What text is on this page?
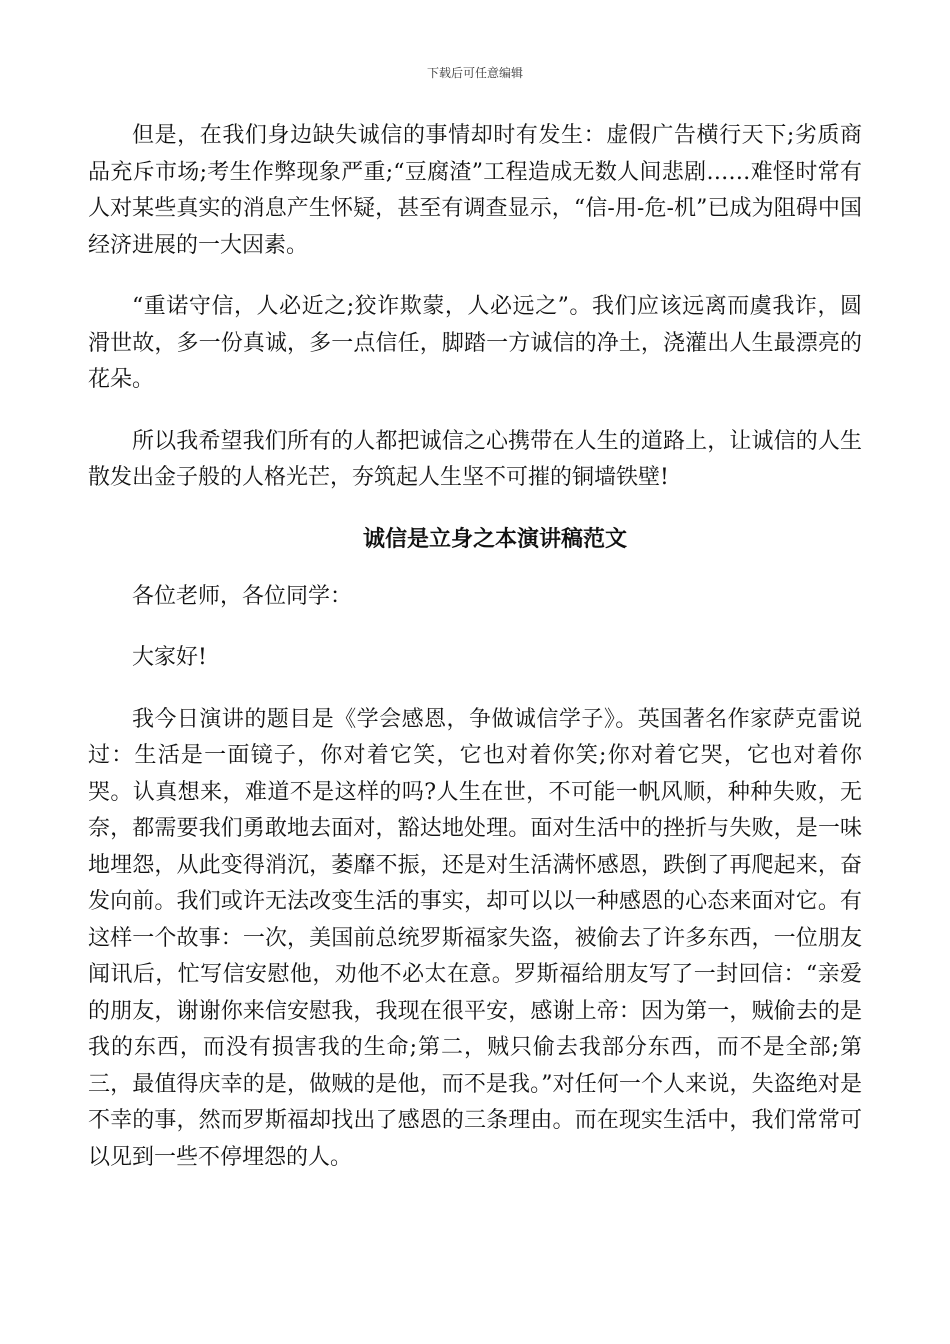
下载后可任意编辑

但是，在我们身边缺失诚信的事情却时有发生：虚假广告横行天下;劣质商品充斥市场;考生作弊现象严重;“豆腐渣”工程造成无数人间悲剧……难怪时常有人对某些真实的消息产生怀疑，甚至有调查显示，“信-用-危-机”已成为阻碍中国经济进展的一大因素。

“重诺守信，人必近之;狡诈欺蒙，人必远之”。我们应该远离而虞我诈，圆滑世故，多一份真诚，多一点信任，脚踏一方诚信的净土，浇灌出人生最漂亮的花朵。

所以我希望我们所有的人都把诚信之心携带在人生的道路上，让诚信的人生散发出金子般的人格光芒，夯筑起人生坚不可摧的铜墙铁壁!

诚信是立身之本演讲稿范文

各位老师，各位同学：

大家好!

我今日演讲的题目是《学会感恩，争做诚信学子》。英国著名作家萨克雷说过：生活是一面镜子，你对着它笑，它也对着你笑;你对着它哭，它也对着你哭。认真想来，难道不是这样的吗?人生在世，不可能一帆风顺，种种失败，无奈，都需要我们勇敢地去面对，豁达地处理。面对生活中的挫折与失败，是一味地埋怨，从此变得消沉，萎靡不振，还是对生活满怀感恩，跌倒了再爬起来，奋发向前。我们或许无法改变生活的事实，却可以以一种感恩的心态来面对它。有这样一个故事：一次，美国前总统罗斯福家失盗，被偷去了许多东西，一位朋友闻讯后，忙写信安慰他，劝他不必太在意。罗斯福给朋友写了一封回信：“亲爱的朋友，谢谢你来信安慰我，我现在很平安，感谢上帝：因为第一，贼偷去的是我的东西，而没有损害我的生命;第二，贼只偷去我部分东西，而不是全部;第三，最值得庆幸的是，做贼的是他，而不是我。”对任何一个人来说，失盗绝对是不幸的事，然而罗斯福却找出了感恩的三条理由。而在现实生活中，我们常常可以见到一些不停埋怨的人。
